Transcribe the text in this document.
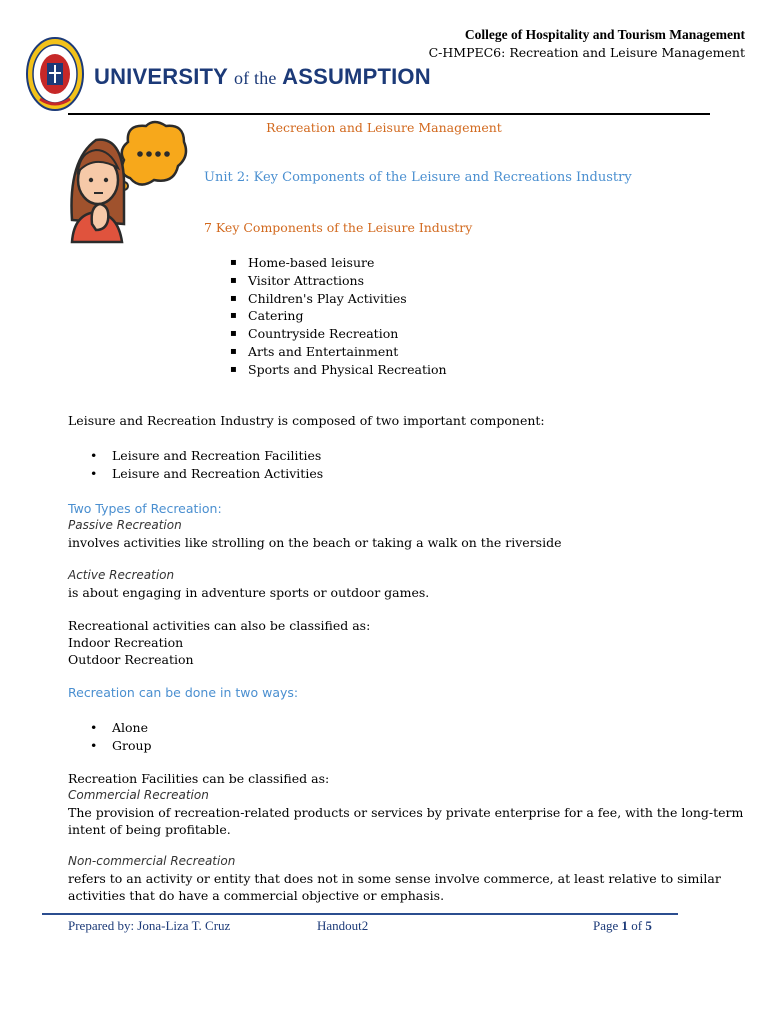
College of Hospitality and Tourism Management
C-HMPEC6: Recreation and Leisure Management
UNIVERSITY of the ASSUMPTION
Recreation and Leisure Management
Unit 2: Key Components of the Leisure and Recreations Industry
7 Key Components of the Leisure Industry
▪ Home-based leisure
▪ Visitor Attractions
▪ Children's Play Activities
▪ Catering
▪ Countryside Recreation
▪ Arts and Entertainment
▪ Sports and Physical Recreation
Leisure and Recreation Industry is composed of two important component:
• Leisure and Recreation Facilities
• Leisure and Recreation Activities
Two Types of Recreation:
Passive Recreation
involves activities like strolling on the beach or taking a walk on the riverside
Active Recreation
is about engaging in adventure sports or outdoor games.
Recreational activities can also be classified as:
Indoor Recreation
Outdoor Recreation
Recreation can be done in two ways:
• Alone
• Group
Recreation Facilities can be classified as:
Commercial Recreation
The provision of recreation-related products or services by private enterprise for a fee, with the long-term
intent of being profitable.
Non-commercial Recreation
refers to an activity or entity that does not in some sense involve commerce, at least relative to similar
activities that do have a commercial objective or emphasis.
Prepared by: Jona-Liza T. Cruz	Handout2	Page 1 of 5
